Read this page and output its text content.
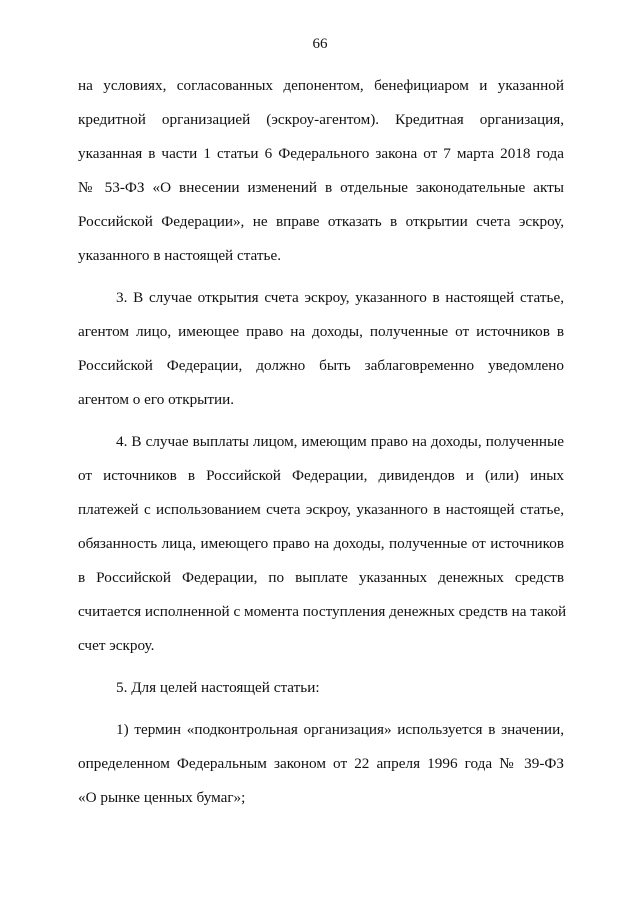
66
на условиях, согласованных депонентом, бенефициаром и указанной
кредитной организацией (эскроу-агентом). Кредитная организация,
указанная в части 1 статьи 6 Федерального закона от 7 марта 2018 года
№ 53-ФЗ «О внесении изменений в отдельные законодательные акты
Российской Федерации», не вправе отказать в открытии счета эскроу,
указанного в настоящей статье.
3. В случае открытия счета эскроу, указанного в настоящей статье,
агентом лицо, имеющее право на доходы, полученные от источников в
Российской Федерации, должно быть заблаговременно уведомлено
агентом о его открытии.
4. В случае выплаты лицом, имеющим право на доходы, полученные
от источников в Российской Федерации, дивидендов и (или) иных
платежей с использованием счета эскроу, указанного в настоящей статье,
обязанность лица, имеющего право на доходы, полученные от источников
в Российской Федерации, по выплате указанных денежных средств
считается исполненной с момента поступления денежных средств на такой
счет эскроу.
5. Для целей настоящей статьи:
1) термин «подконтрольная организация» используется в значении,
определенном Федеральным законом от 22 апреля 1996 года № 39-ФЗ
«О рынке ценных бумаг»;
